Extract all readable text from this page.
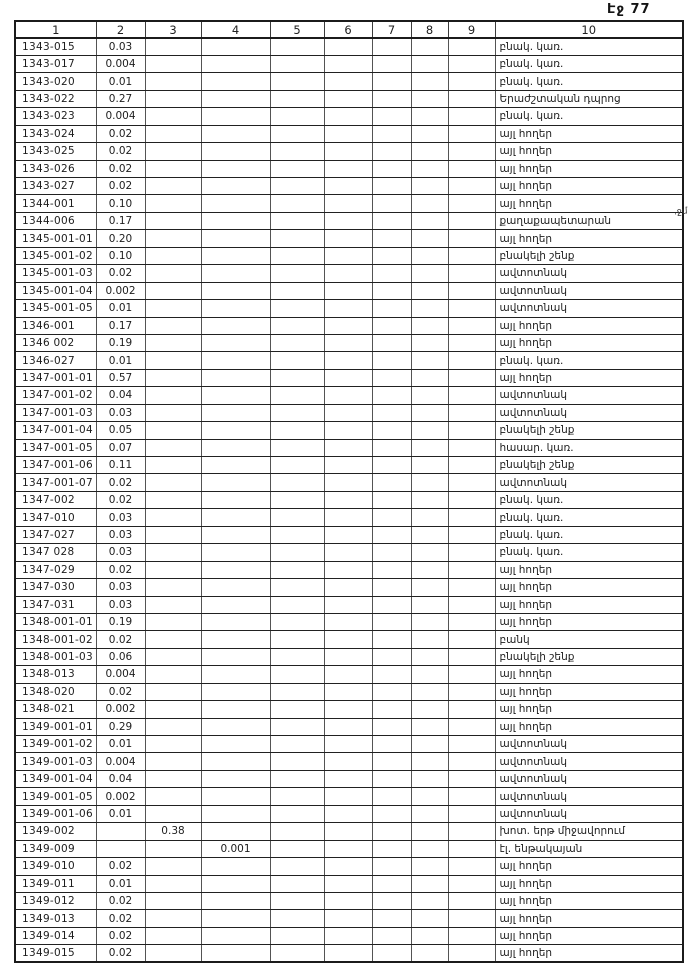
Էջ 77
1	2	3	4	5	6	7	8	9	10
1343-015	0.03								բնակ. կառ.
1343-017	0.004								բնակ. կառ.
1343-020	0.01								բնակ. կառ.
1343-022	0.27								Երաժշտական դպրոց
1343-023	0.004								բնակ. կառ.
1343-024	0.02								այլ հողեր
1343-025	0.02								այլ հողեր
1343-026	0.02								այլ հողեր
1343-027	0.02								այլ հողեր
1344-001	0.10								այլ հողեր
1344-006	0.17								քաղաքապետարան
1345-001-01	0.20								այլ հողեր
1345-001-02	0.10								բնակելի շենք
1345-001-03	0.02								ավտոտնակ
1345-001-04	0.002								ավտոտնակ
1345-001-05	0.01								ավտոտնակ
1346-001	0.17								այլ հողեր
1346 002	0.19								այլ հողեր
1346-027	0.01								բնակ. կառ.
1347-001-01	0.57								այլ հողեր
1347-001-02	0.04								ավտոտնակ
1347-001-03	0.03								ավտոտնակ
1347-001-04	0.05								բնակելի շենք
1347-001-05	0.07								հասար. կառ.
1347-001-06	0.11								բնակելի շենք
1347-001-07	0.02								ավտոտնակ
1347-002	0.02								բնակ. կառ.
1347-010	0.03								բնակ. կառ.
1347-027	0.03								բնակ. կառ.
1347 028	0.03								բնակ. կառ.
1347-029	0.02								այլ հողեր
1347-030	0.03								այլ հողեր
1347-031	0.03								այլ հողեր
1348-001-01	0.19								այլ հողեր
1348-001-02	0.02								բանկ
1348-001-03	0.06								բնակելի շենք
1348-013	0.004								այլ հողեր
1348-020	0.02								այլ հողեր
1348-021	0.002								այլ հողեր
1349-001-01	0.29								այլ հողեր
1349-001-02	0.01								ավտոտնակ
1349-001-03	0.004								ավտոտնակ
1349-001-04	0.04								ավտոտնակ
1349-001-05	0.002								ավտոտնակ
1349-001-06	0.01								ավտոտնակ
1349-002		0.38							խոտ. երթ միջավորում
1349-009			0.001						էլ. ենթակայան
1349-010	0.02								այլ հողեր
1349-011	0.01								այլ հողեր
1349-012	0.02								այլ հողեր
1349-013	0.02								այլ հողեր
1349-014	0.02								այլ հողեր
1349-015	0.02								այլ հողեր
.ջմ
